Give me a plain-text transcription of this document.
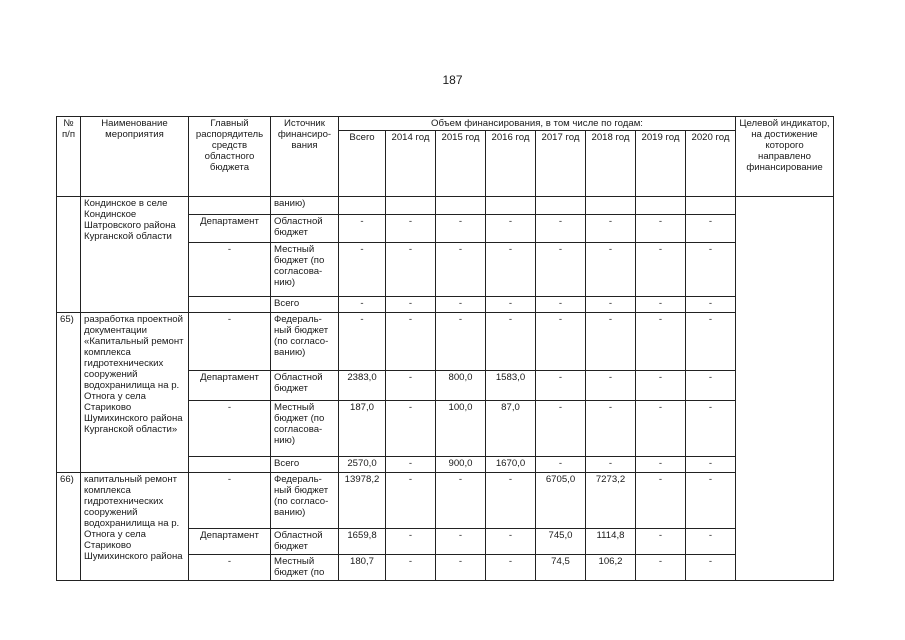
187
№ п/п	Наименование мероприятия	Главный распорядитель средств областного бюджета	Источник финансиро-вания	Объем финансирования, в том числе по годам:								Целевой индикатор, на достижение которого направлено финансирование
				Всего	2014 год	2015 год	2016 год	2017 год	2018 год	2019 год	2020 год	
	Кондинское в селе Кондинское Шатровского района Курганской области		ванию)									
		Департамент	Областной бюджет	-	-	-	-	-	-	-	-	
		-	Местный бюджет (по согласова-нию)	-	-	-	-	-	-	-	-	
			Всего	-	-	-	-	-	-	-	-	
65)	разработка проектной документации «Капитальный ремонт комплекса гидротехнических сооружений водохранилища на р. Отнога у села Стариково Шумихинского района Курганской области»	-	Федераль-ный бюджет (по согласо-ванию)	-	-	-	-	-	-	-	-	
		Департамент	Областной бюджет	2383,0	-	800,0	1583,0	-	-	-	-	
		-	Местный бюджет (по согласова-нию)	187,0	-	100,0	87,0	-	-	-	-	
			Всего	2570,0	-	900,0	1670,0	-	-	-	-	
66)	капитальный ремонт комплекса гидротехнических сооружений водохранилища на р. Отнога у села Стариково Шумихинского района	-	Федераль-ный бюджет (по согласо-ванию)	13978,2	-	-	-	6705,0	7273,2	-	-	
		Департамент	Областной бюджет	1659,8	-	-	-	745,0	1114,8	-	-	
		-	Местный бюджет (по	180,7	-	-	-	74,5	106,2	-	-	
